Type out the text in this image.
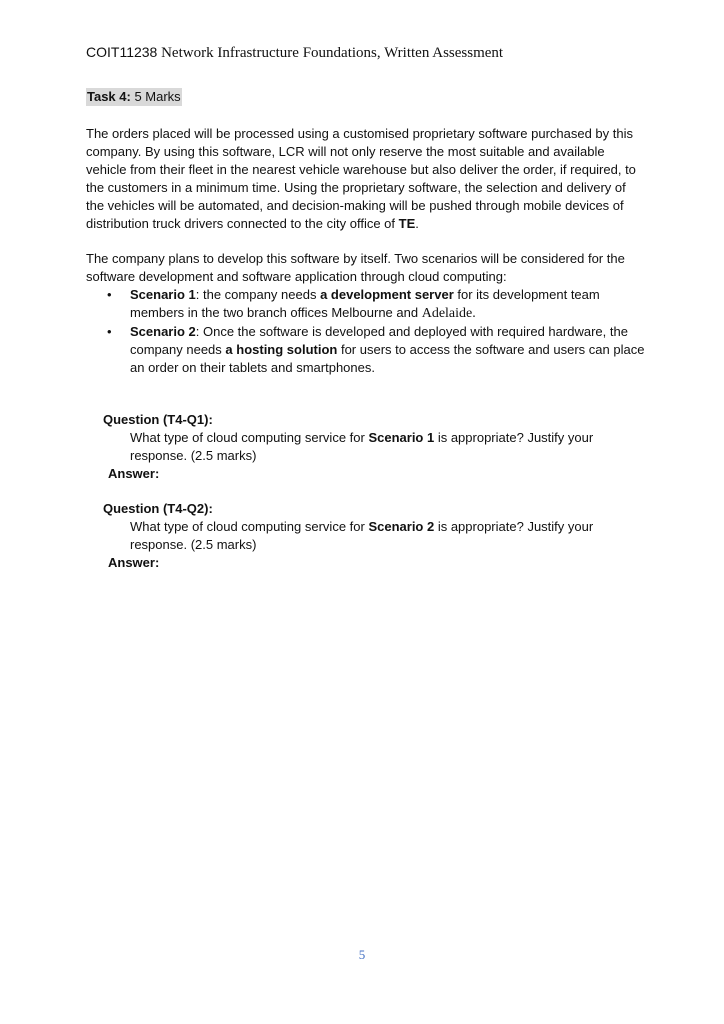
COIT11238 Network Infrastructure Foundations, Written Assessment
Task 4: 5 Marks

The orders placed will be processed using a customised proprietary software purchased by this company. By using this software, LCR will not only reserve the most suitable and available vehicle from their fleet in the nearest vehicle warehouse but also deliver the order, if required, to the customers in a minimum time. Using the proprietary software, the selection and delivery of the vehicles will be automated, and decision-making will be pushed through mobile devices of distribution truck drivers connected to the city office of TE.

The company plans to develop this software by itself. Two scenarios will be considered for the software development and software application through cloud computing:

• Scenario 1: the company needs a development server for its development team members in the two branch offices Melbourne and Adelaide.
• Scenario 2: Once the software is developed and deployed with required hardware, the company needs a hosting solution for users to access the software and users can place an order on their tablets and smartphones.
Question (T4-Q1):
What type of cloud computing service for Scenario 1 is appropriate? Justify your response. (2.5 marks)
Answer:
Question (T4-Q2):
What type of cloud computing service for Scenario 2 is appropriate? Justify your response. (2.5 marks)
Answer:
5
